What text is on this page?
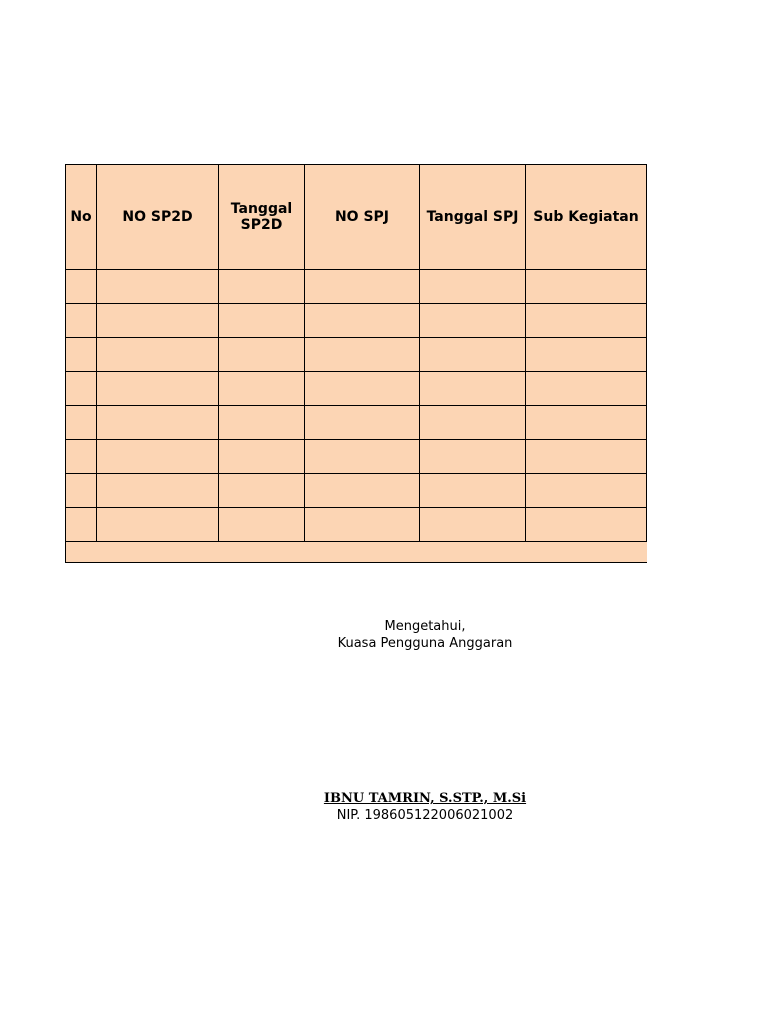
No	NO SP2D	Tanggal SP2D	NO SPJ	Tanggal SPJ	Sub Kegiatan

Mengetahui,
Kuasa Pengguna Anggaran
IBNU TAMRIN, S.STP., M.Si
NIP. 198605122006021002
